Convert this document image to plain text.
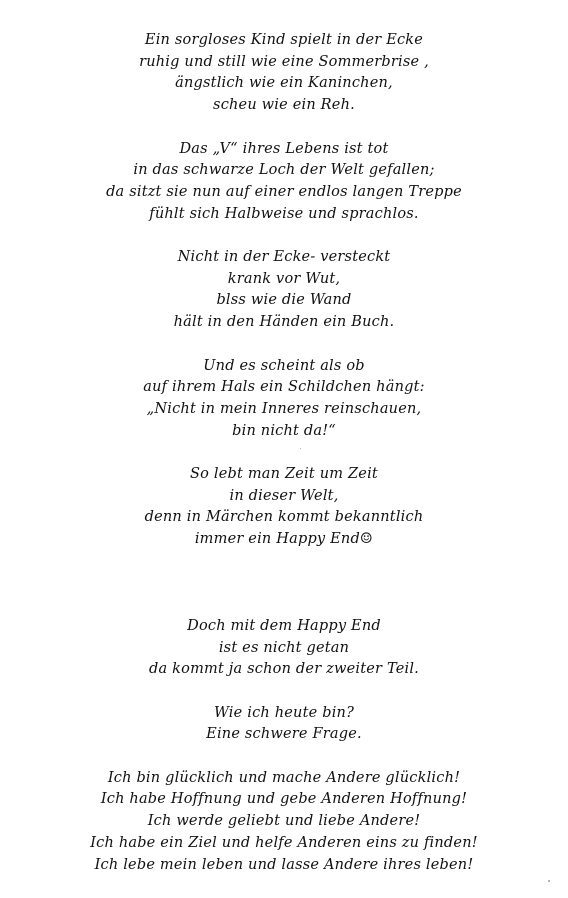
Ein sorgloses Kind spielt in der Ecke
ruhig und still wie eine Sommerbrise ,
ängstlich wie ein Kaninchen,
scheu wie ein Reh.
Das „V“ ihres Lebens ist tot
in das schwarze Loch der Welt gefallen;
da sitzt sie nun auf einer endlos langen Treppe
fühlt sich Halbweise und sprachlos.
Nicht in der Ecke- versteckt
krank vor Wut,
blss wie die Wand
hält in den Händen ein Buch.
Und es scheint als ob
auf ihrem Hals ein Schildchen hängt:
„Nicht in mein Inneres reinschauen,
bin nicht da!“
So lebt man Zeit um Zeit
in dieser Welt,
denn in Märchen kommt bekanntlich
immer ein Happy End☺
Doch mit dem Happy End
ist es nicht getan
da kommt ja schon der zweiter Teil.
Wie ich heute bin?
Eine schwere Frage.
Ich bin glücklich und mache Andere glücklich!
Ich habe Hoffnung und gebe Anderen Hoffnung!
Ich werde geliebt und liebe Andere!
Ich habe ein Ziel und helfe Anderen eins zu finden!
Ich lebe mein leben und lasse Andere ihres leben!
